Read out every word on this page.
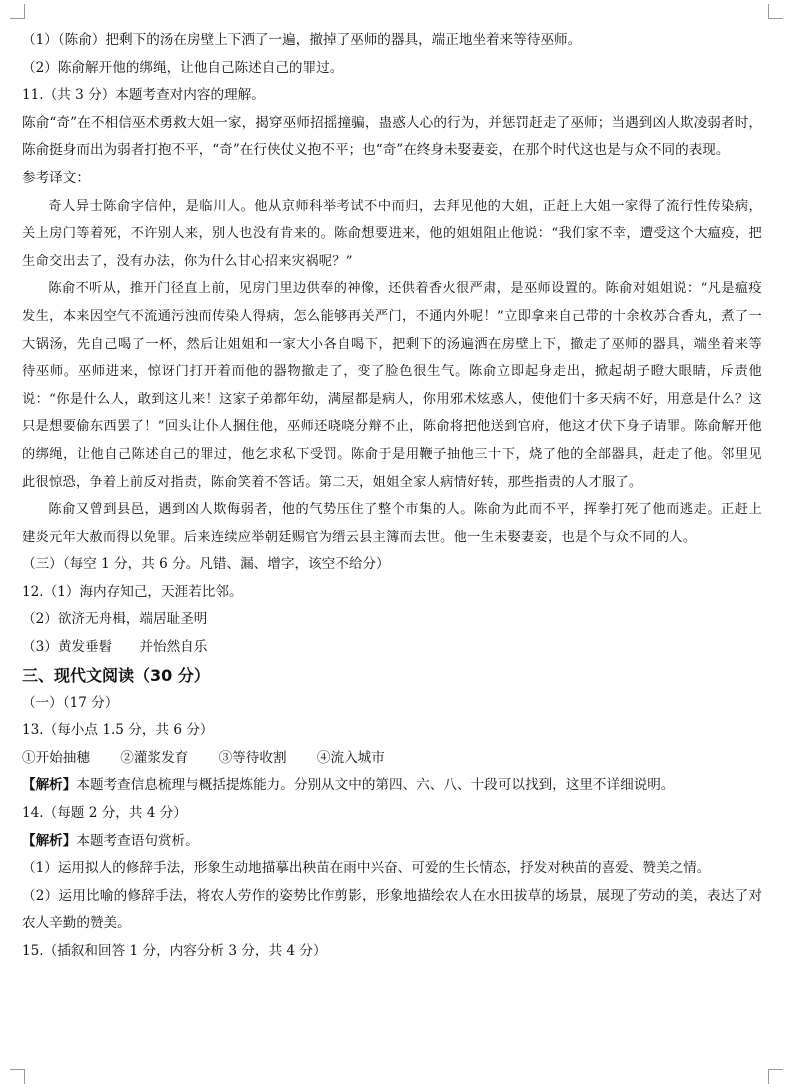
（1）（陈俞）把剩下的汤在房壁上下洒了一遍，撤掉了巫师的器具，端正地坐着来等待巫师。
（2）陈俞解开他的绑绳，让他自己陈述自己的罪过。
11.（共 3 分）本题考查对内容的理解。
陈俞“奇”在不相信巫术勇救大姐一家，揭穿巫师招摇撞骗，蛊惑人心的行为，并惩罚赶走了巫师；当遇到凶人欺凌弱者时，陈俞挺身而出为弱者打抱不平，“奇”在行侠仗义抱不平；也“奇”在终身未娶妻妾，在那个时代这也是与众不同的表现。
参考译文：
奇人异士陈俞字信仲，是临川人。他从京师科举考试不中而归，去拜见他的大姐，正赶上大姐一家得了流行性传染病，关上房门等着死，不许别人来，别人也没有肯来的。陈俞想要进来，他的姐姐阻止他说：“我们家不幸，遭受这个大瘟疫，把生命交出去了，没有办法，你为什么甘心招来灾祸呢？”
陈俞不听从，推开门径直上前，见房门里边供奉的神像，还供着香火很严肃，是巫师设置的。陈俞对姐姐说：“凡是瘟疫发生，本来因空气不流通污浊而传染人得病，怎么能够再关严门，不通内外呢！”立即拿来自己带的十余枚苏合香丸，煮了一大锅汤，先自己喝了一杯，然后让姐姐和一家大小各自喝下，把剩下的汤遍洒在房壁上下，撤走了巫师的器具，端坐着来等待巫师。巫师进来，惊讶门打开着而他的器物撤走了，变了脸色很生气。陈俞立即起身走出，掀起胡子瞪大眼睛，斥责他说：“你是什么人，敢到这儿来！这家子弟都年幼，满屋都是病人，你用邪术炫惑人，使他们十多天病不好，用意是什么？这只是想要偷东西罢了！”回头让仆人捆住他，巫师还哓哓分辩不止，陈俞将把他送到官府，他这才伏下身子请罪。陈俞解开他的绑绳，让他自己陈述自己的罪过，他乞求私下受罚。陈俞于是用鞭子抽他三十下，烧了他的全部器具，赶走了他。邻里见此很惊恐，争着上前反对指责，陈俞笑着不答话。第二天，姐姐全家人病情好转，那些指责的人才服了。
陈俞又曾到县邑，遇到凶人欺侮弱者，他的气势压住了整个市集的人。陈俞为此而不平，挥拳打死了他而逃走。正赶上建炎元年大赦而得以免罪。后来连续应举朝廷赐官为缙云县主簿而去世。他一生未娶妻妾，也是个与众不同的人。
（三）（每空 1 分，共 6 分。凡错、漏、增字，该空不给分）
12.（1）海内存知己，天涯若比邻。
（2）欲济无舟楫，端居耻圣明
（3）黄发垂髫　　并怡然自乐
三、现代文阅读（30 分）
（一）（17 分）
13.（每小点 1.5 分，共 6 分）
①开始抽穗 ②灌浆发育 ③等待收割 ④流入城市
【解析】本题考查信息梳理与概括提炼能力。分别从文中的第四、六、八、十段可以找到，这里不详细说明。
14.（每题 2 分，共 4 分）
【解析】本题考查语句赏析。
（1）运用拟人的修辞手法，形象生动地描摹出秧苗在雨中兴奋、可爱的生长情态，抒发对秧苗的喜爱、赞美之情。
（2）运用比喻的修辞手法，将农人劳作的姿势比作剪影，形象地描绘农人在水田拔草的场景，展现了劳动的美，表达了对农人辛勤的赞美。
15.（插叙和回答 1 分，内容分析 3 分，共 4 分）
